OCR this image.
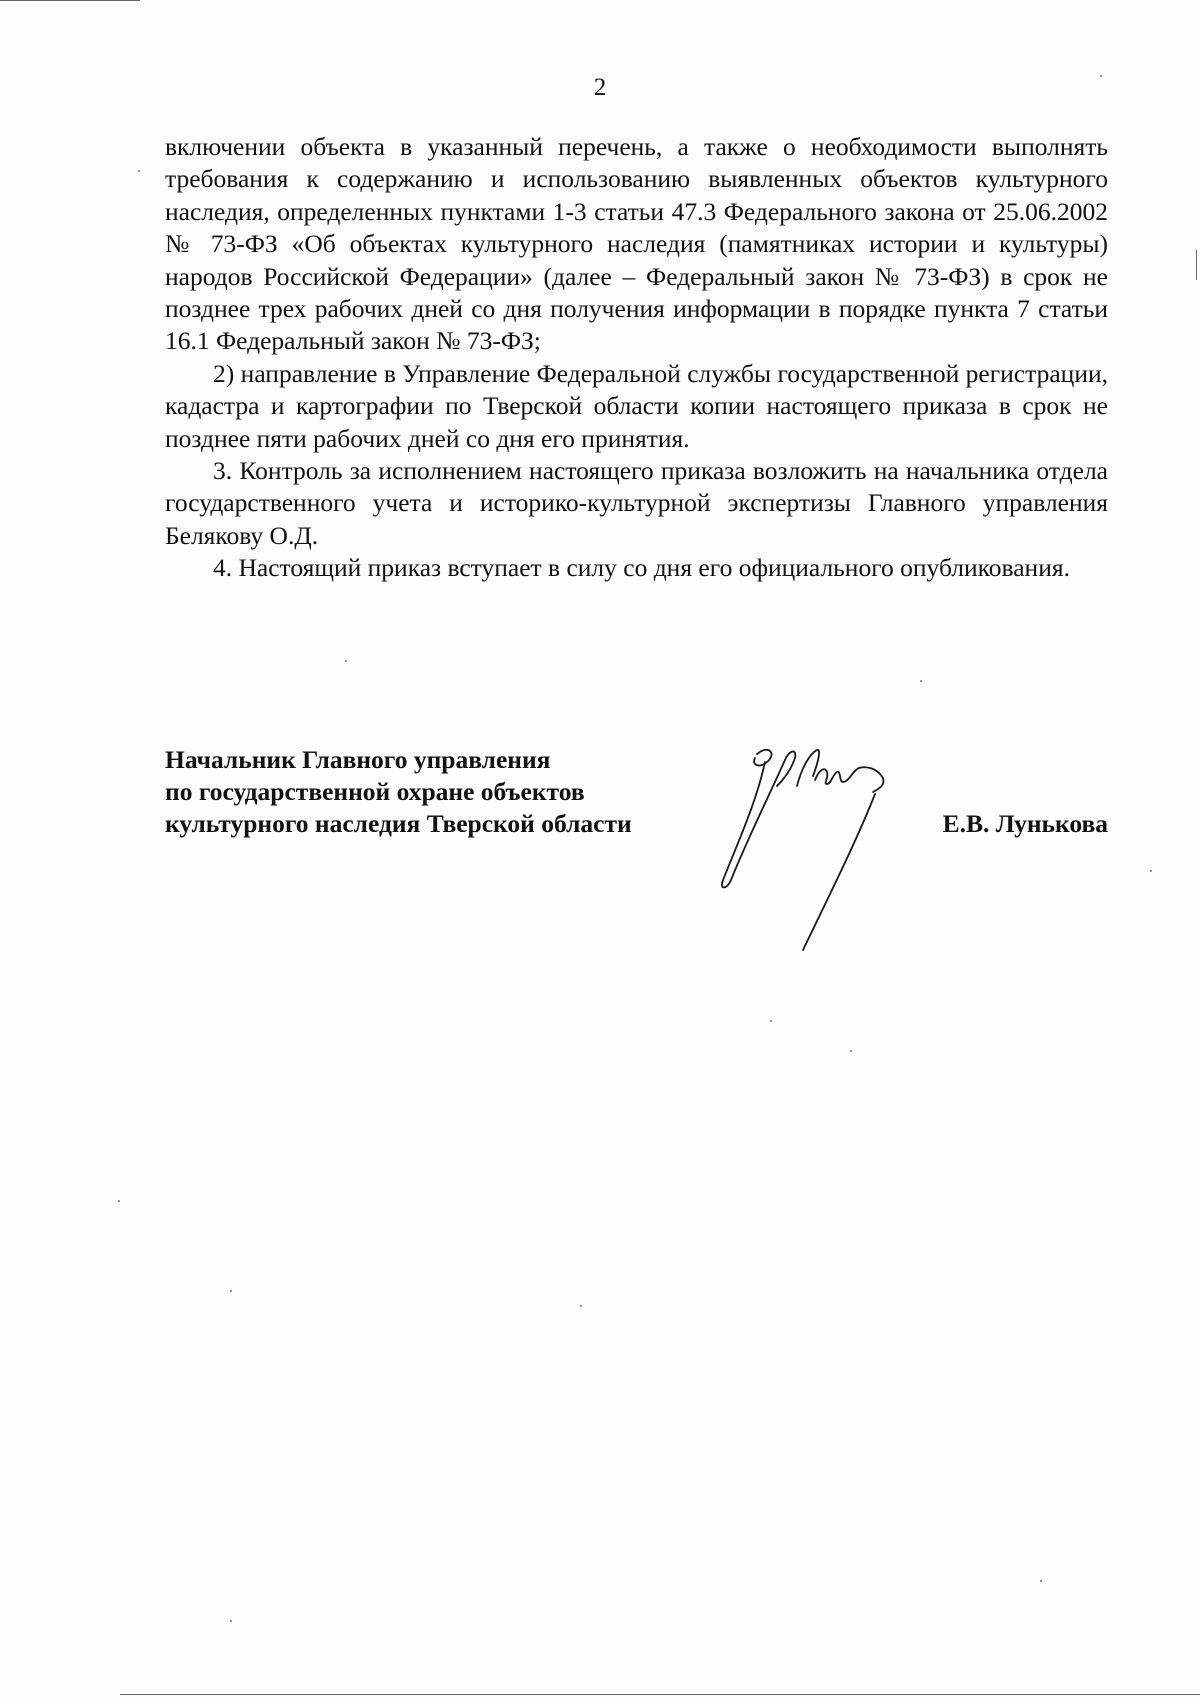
2

включении объекта в указанный перечень, а также о необходимости выполнять требования к содержанию и использованию выявленных объектов культурного наследия, определенных пунктами 1-3 статьи 47.3 Федерального закона от 25.06.2002 № 73-ФЗ «Об объектах культурного наследия (памятниках истории и культуры) народов Российской Федерации» (далее – Федеральный закон № 73-ФЗ) в срок не позднее трех рабочих дней со дня получения информации в порядке пункта 7 статьи 16.1 Федеральный закон № 73-ФЗ;

2) направление в Управление Федеральной службы государственной регистрации, кадастра и картографии по Тверской области копии настоящего приказа в срок не позднее пяти рабочих дней со дня его принятия.

3. Контроль за исполнением настоящего приказа возложить на начальника отдела государственного учета и историко-культурной экспертизы Главного управления Белякову О.Д.

4. Настоящий приказ вступает в силу со дня его официального опубликования.

Начальник Главного управления
по государственной охране объектов
культурного наследия Тверской области	Е.В. Лунькова
